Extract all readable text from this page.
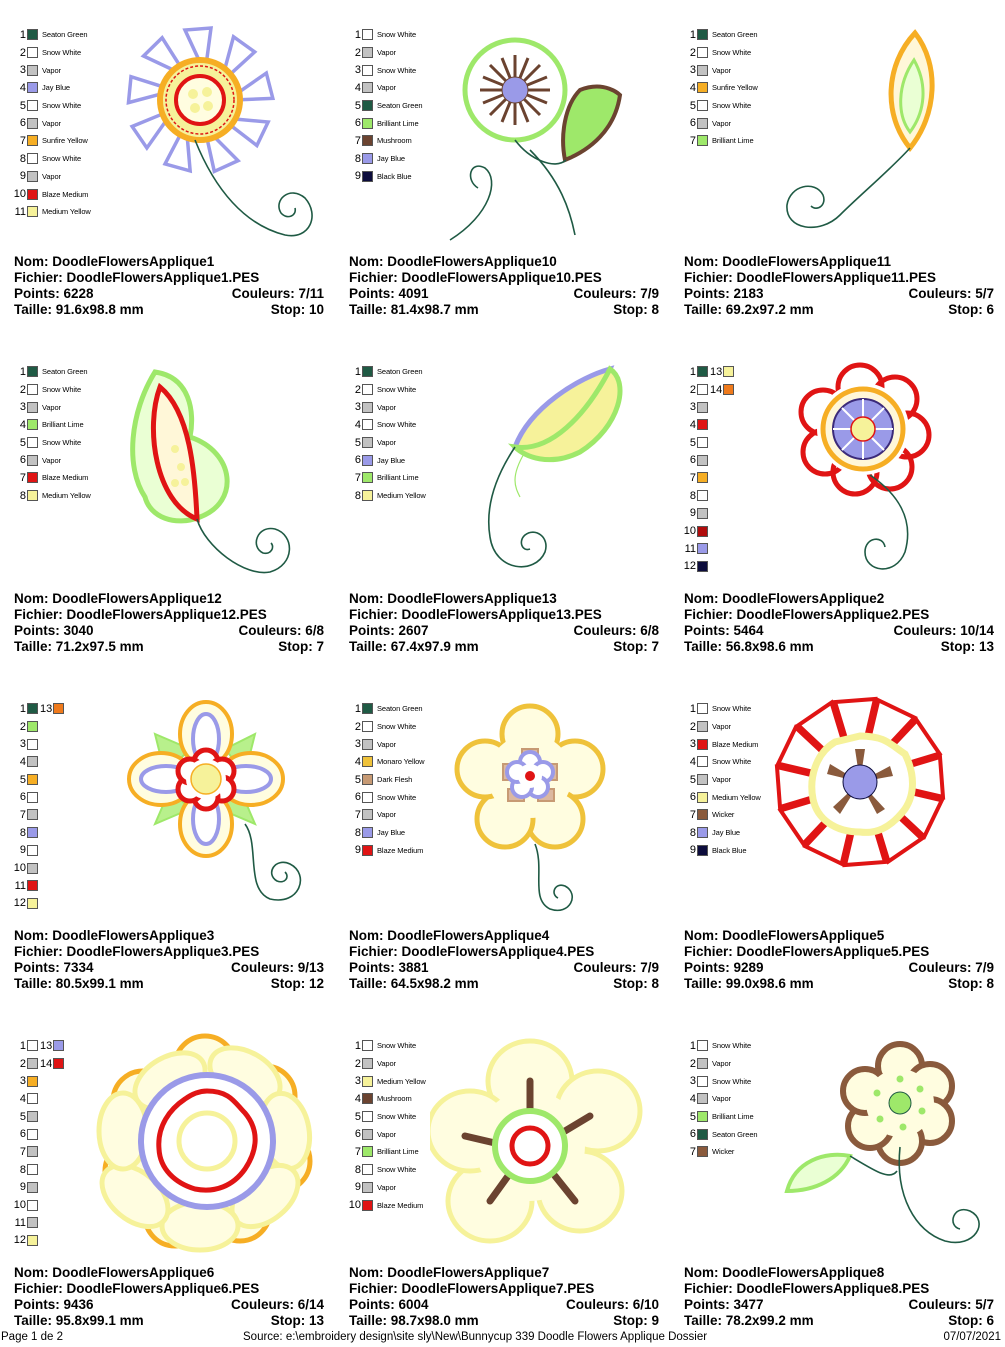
1 Seaton Green
2 Snow White
3 Vapor
4 Jay Blue
5 Snow White
6 Vapor
7 Sunfire Yellow
8 Snow White
9 Vapor
10 Blaze Medium
11 Medium Yellow
Nom: DoodleFlowersApplique1
Fichier: DoodleFlowersApplique1.PES
Points: 6228	Couleurs: 7/11
Taille: 91.6x98.8 mm	Stop: 10
1 Snow White
2 Vapor
3 Snow White
4 Vapor
5 Seaton Green
6 Brilliant Lime
7 Mushroom
8 Jay Blue
9 Black Blue
Nom: DoodleFlowersApplique10
Fichier: DoodleFlowersApplique10.PES
Points: 4091	Couleurs: 7/9
Taille: 81.4x98.7 mm	Stop: 8
1 Seaton Green
2 Snow White
3 Vapor
4 Sunfire Yellow
5 Snow White
6 Vapor
7 Brilliant Lime
Nom: DoodleFlowersApplique11
Fichier: DoodleFlowersApplique11.PES
Points: 2183	Couleurs: 5/7
Taille: 69.2x97.2 mm	Stop: 6
1 Seaton Green
2 Snow White
3 Vapor
4 Brilliant Lime
5 Snow White
6 Vapor
7 Blaze Medium
8 Medium Yellow
Nom: DoodleFlowersApplique12
Fichier: DoodleFlowersApplique12.PES
Points: 3040	Couleurs: 6/8
Taille: 71.2x97.5 mm	Stop: 7
1 Seaton Green
2 Snow White
3 Vapor
4 Snow White
5 Vapor
6 Jay Blue
7 Brilliant Lime
8 Medium Yellow
Nom: DoodleFlowersApplique13
Fichier: DoodleFlowersApplique13.PES
Points: 2607	Couleurs: 6/8
Taille: 67.4x97.9 mm	Stop: 7
1 13
2 14
3
4
5
6
7
8
9
10
11
12
Nom: DoodleFlowersApplique2
Fichier: DoodleFlowersApplique2.PES
Points: 5464	Couleurs: 10/14
Taille: 56.8x98.6 mm	Stop: 13
1 13
2
3
4
5
6
7
8
9
10
11
12
Nom: DoodleFlowersApplique3
Fichier: DoodleFlowersApplique3.PES
Points: 7334	Couleurs: 9/13
Taille: 80.5x99.1 mm	Stop: 12
1 Seaton Green
2 Snow White
3 Vapor
4 Monaro Yellow
5 Dark Flesh
6 Snow White
7 Vapor
8 Jay Blue
9 Blaze Medium
Nom: DoodleFlowersApplique4
Fichier: DoodleFlowersApplique4.PES
Points: 3881	Couleurs: 7/9
Taille: 64.5x98.2 mm	Stop: 8
1 Snow White
2 Vapor
3 Blaze Medium
4 Snow White
5 Vapor
6 Medium Yellow
7 Wicker
8 Jay Blue
9 Black Blue
Nom: DoodleFlowersApplique5
Fichier: DoodleFlowersApplique5.PES
Points: 9289	Couleurs: 7/9
Taille: 99.0x98.6 mm	Stop: 8
1 13
2 14
3
4
5
6
7
8
9
10
11
12
Nom: DoodleFlowersApplique6
Fichier: DoodleFlowersApplique6.PES
Points: 9436	Couleurs: 6/14
Taille: 95.8x99.1 mm	Stop: 13
1 Snow White
2 Vapor
3 Medium Yellow
4 Mushroom
5 Snow White
6 Vapor
7 Brilliant Lime
8 Snow White
9 Vapor
10 Blaze Medium
Nom: DoodleFlowersApplique7
Fichier: DoodleFlowersApplique7.PES
Points: 6004	Couleurs: 6/10
Taille: 98.7x98.0 mm	Stop: 9
1 Snow White
2 Vapor
3 Snow White
4 Vapor
5 Brilliant Lime
6 Seaton Green
7 Wicker
Nom: DoodleFlowersApplique8
Fichier: DoodleFlowersApplique8.PES
Points: 3477	Couleurs: 5/7
Taille: 78.2x99.2 mm	Stop: 6
Page 1 de 2	Source: e:\embroidery design\site sly\New\Bunnycup 339 Doodle Flowers Applique Dossier	07/07/2021
